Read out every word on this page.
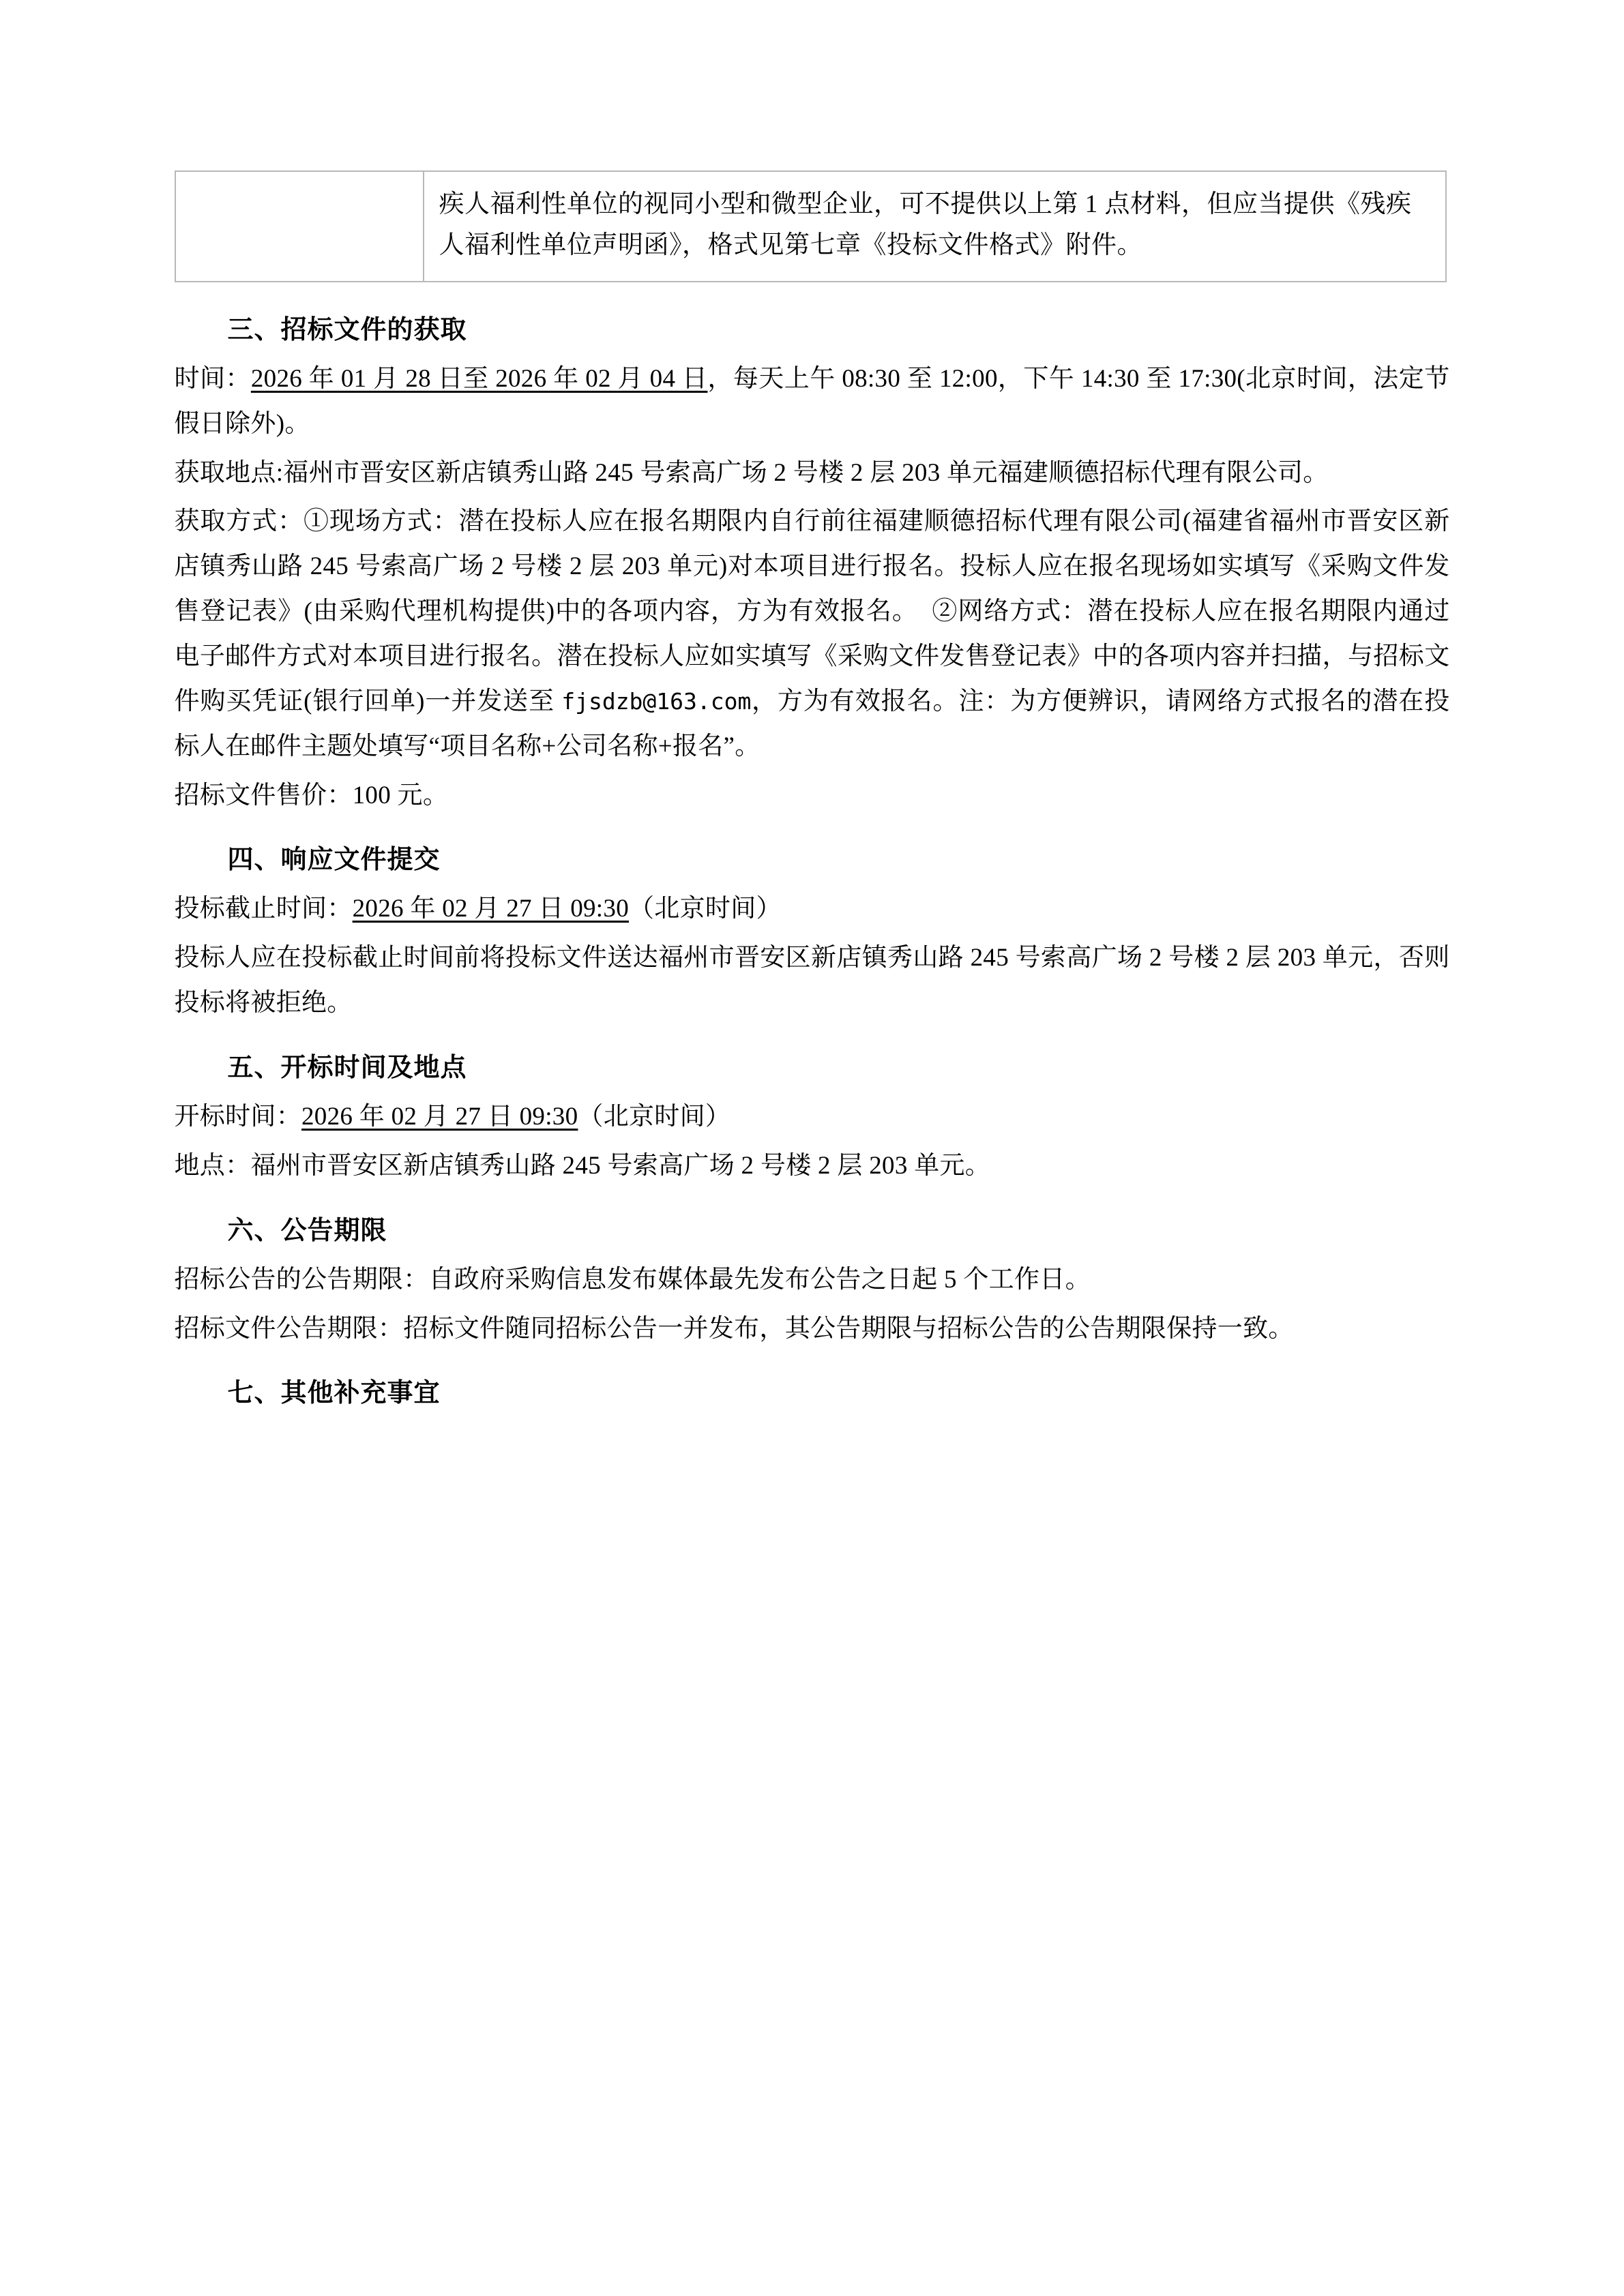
	疾人福利性单位的视同小型和微型企业，可不提供以上第 1 点材料，但应当提供《残疾人福利性单位声明函》，格式见第七章《投标文件格式》附件。
三、招标文件的获取

时间：2026 年 01 月 28 日至 2026 年 02 月 04 日，每天上午 08:30 至 12:00，下午 14:30 至 17:30(北京时间，法定节假日除外)。

获取地点:福州市晋安区新店镇秀山路 245 号索高广场 2 号楼 2 层 203 单元福建顺德招标代理有限公司。

获取方式：①现场方式：潜在投标人应在报名期限内自行前往福建顺德招标代理有限公司(福建省福州市晋安区新店镇秀山路 245 号索高广场 2 号楼 2 层 203 单元)对本项目进行报名。投标人应在报名现场如实填写《采购文件发售登记表》(由采购代理机构提供)中的各项内容，方为有效报名。  ②网络方式：潜在投标人应在报名期限内通过电子邮件方式对本项目进行报名。潜在投标人应如实填写《采购文件发售登记表》中的各项内容并扫描，与招标文件购买凭证(银行回单)一并发送至 fjsdzb@163.com，方为有效报名。注：为方便辨识，请网络方式报名的潜在投标人在邮件主题处填写“项目名称+公司名称+报名”。

招标文件售价：100 元。

四、响应文件提交

投标截止时间：2026 年 02 月 27 日 09:30（北京时间）

投标人应在投标截止时间前将投标文件送达福州市晋安区新店镇秀山路 245 号索高广场 2 号楼 2 层 203 单元，否则投标将被拒绝。

五、开标时间及地点

开标时间：2026 年 02 月 27 日 09:30（北京时间）

地点：福州市晋安区新店镇秀山路 245 号索高广场 2 号楼 2 层 203 单元。

六、公告期限

招标公告的公告期限：自政府采购信息发布媒体最先发布公告之日起 5 个工作日。

招标文件公告期限：招标文件随同招标公告一并发布，其公告期限与招标公告的公告期限保持一致。

七、其他补充事宜
